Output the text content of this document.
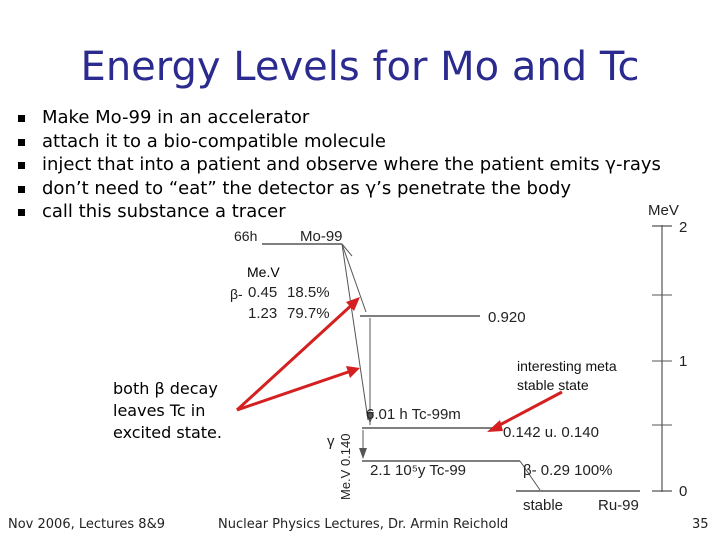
Energy Levels for Mo and Tc
Make Mo-99 in an accelerator
attach it to a bio-compatible molecule
inject that into a patient and observe where the patient emits γ-rays
don’t need to “eat” the detector as γ’s penetrate the body
call this substance a tracer	MeV
2
1
0
66h	Mo-99
Me.V
β- 0.45 18.5%
1.23 79.7%	0.920
6.01 h Tc-99m
0.142 u. 0.140
γ
2.1 10⁵y Tc-99	β- 0.29 100%
stable Ru-99
Me.V 0.140
both β decay
leaves Tc in
excited state.
interesting meta
stable state
Nov 2006, Lectures 8&9	Nuclear Physics Lectures, Dr. Armin Reichold	35
